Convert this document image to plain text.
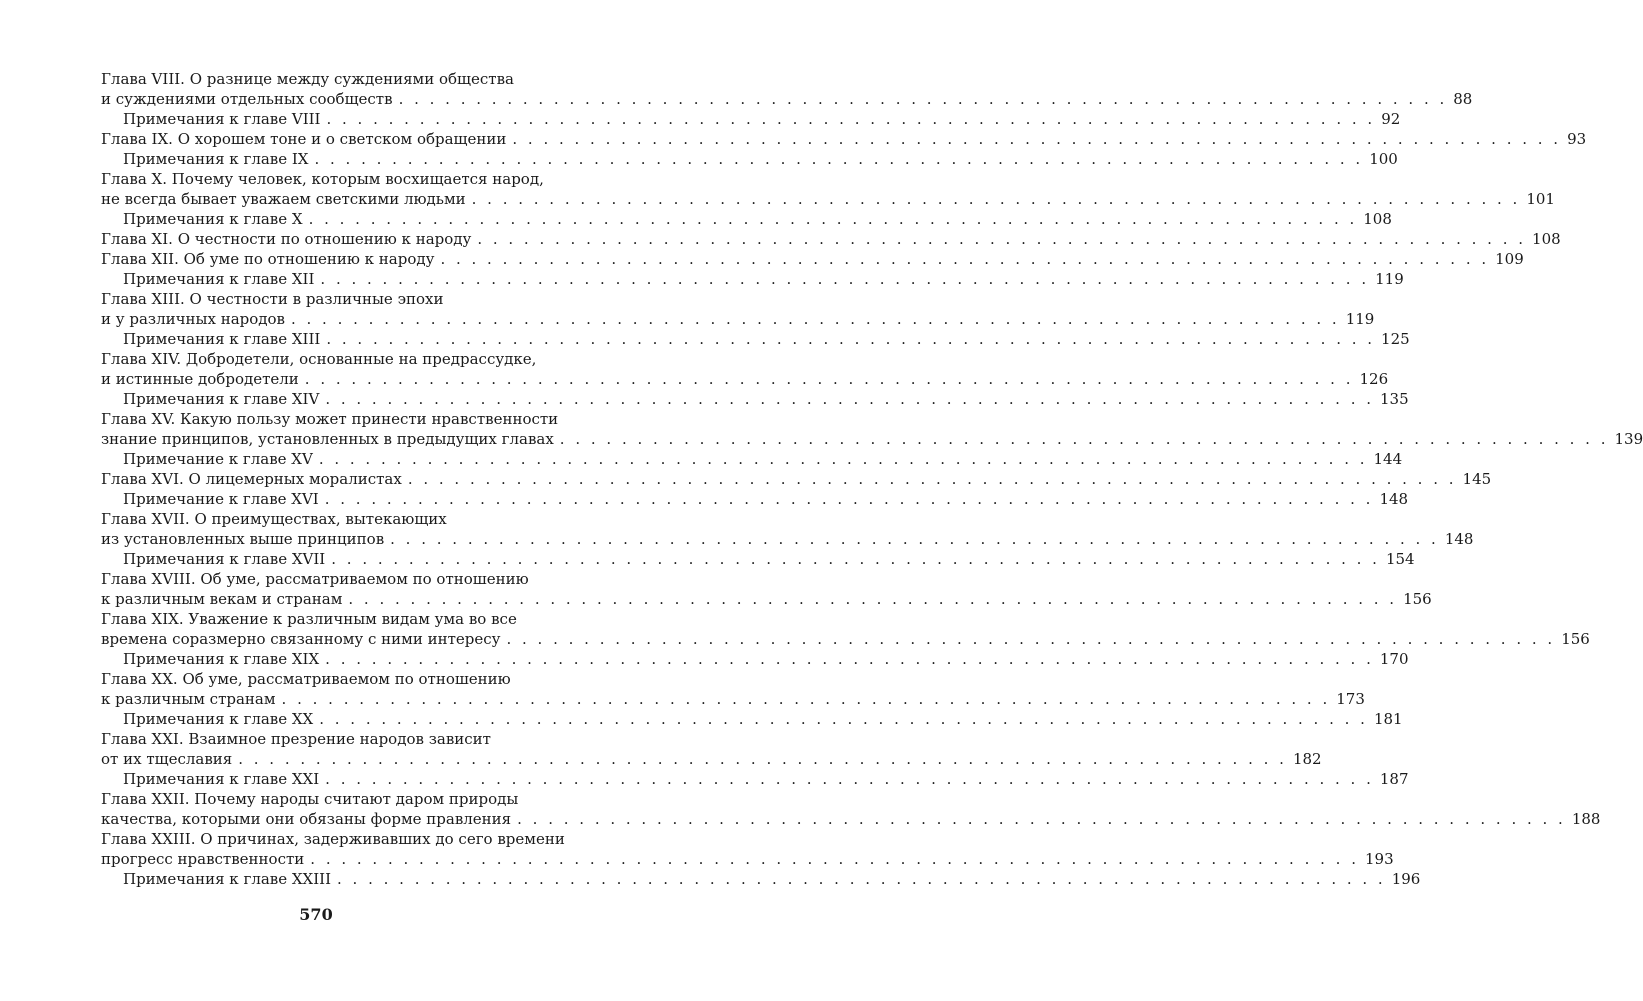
Глава VIII. О разнице между суждениями общества
и суждениями отдельных сообществ . . .	88
Примечания к главе VIII . . .	92
Глава IX. О хорошем тоне и о светском обращении . . .	93
Примечания к главе IX . . .	100
Глава X. Почему человек, которым восхищается народ,
не всегда бывает уважаем светскими людьми . . .	101
Примечания к главе X . . .	108
Глава XI. О честности по отношению к народу . . .	108
Глава XII. Об уме по отношению к народу . . .	109
Примечания к главе XII . . .	119
Глава XIII. О честности в различные эпохи
и у различных народов . . .	119
Примечания к главе XIII . . .	125
Глава XIV. Добродетели, основанные на предрассудке,
и истинные добродетели . . .	126
Примечания к главе XIV . . .	135
Глава XV. Какую пользу может принести нравственности
знание принципов, установленных в предыдущих главах . . .	139
Примечание к главе XV . . .	144
Глава XVI. О лицемерных моралистах . . .	145
Примечание к главе XVI . . .	148
Глава XVII. О преимуществах, вытекающих
из установленных выше принципов . . .	148
Примечания к главе XVII . . .	154
Глава XVIII. Об уме, рассматриваемом по отношению
к различным векам и странам . . .	156
Глава XIX. Уважение к различным видам ума во все
времена соразмерно связанному с ними интересу . . .	156
Примечания к главе XIX . . .	170
Глава XX. Об уме, рассматриваемом по отношению
к различным странам . . .	173
Примечания к главе XX . . .	181
Глава XXI. Взаимное презрение народов зависит
от их тщеславия . . .	182
Примечания к главе XXI . . .	187
Глава XXII. Почему народы считают даром природы
качества, которыми они обязаны форме правления . . .	188
Глава XXIII. О причинах, задерживавших до сего времени
прогресс нравственности . . .	193
Примечания к главе XXIII . . .	196
570
